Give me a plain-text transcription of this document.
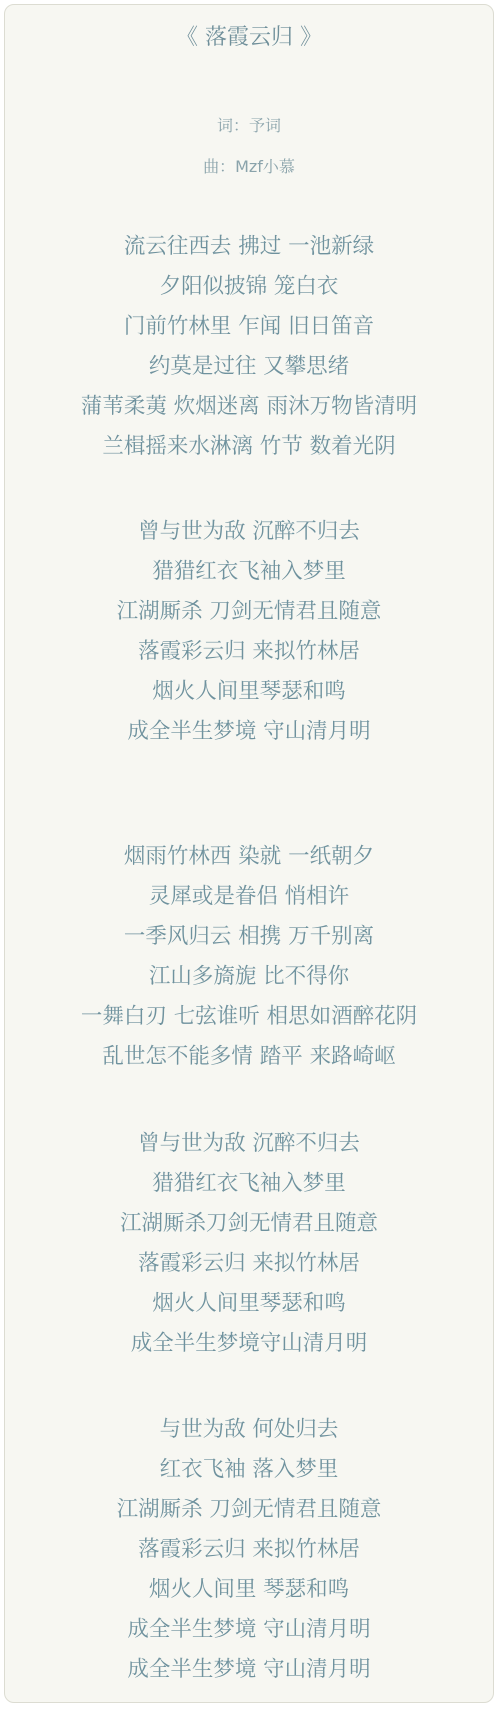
《 落霞云归 》
词：予词
曲：Mzf小慕
流云往西去 拂过 一池新绿
夕阳似披锦 笼白衣
门前竹林里 乍闻 旧日笛音
约莫是过往 又攀思绪
蒲苇柔荑 炊烟迷离 雨沐万物皆清明
兰楫摇来水淋漓 竹节 数着光阴
曾与世为敌 沉醉不归去
猎猎红衣飞袖入梦里
江湖厮杀 刀剑无情君且随意
落霞彩云归 来拟竹林居
烟火人间里琴瑟和鸣
成全半生梦境 守山清月明
烟雨竹林西 染就 一纸朝夕
灵犀或是眷侣 悄相许
一季风归云 相携 万千别离
江山多旖旎 比不得你
一舞白刃 七弦谁听 相思如酒醉花阴
乱世怎不能多情 踏平 来路崎岖
曾与世为敌 沉醉不归去
猎猎红衣飞袖入梦里
江湖厮杀刀剑无情君且随意
落霞彩云归 来拟竹林居
烟火人间里琴瑟和鸣
成全半生梦境守山清月明
与世为敌 何处归去
红衣飞袖 落入梦里
江湖厮杀 刀剑无情君且随意
落霞彩云归 来拟竹林居
烟火人间里 琴瑟和鸣
成全半生梦境 守山清月明
成全半生梦境 守山清月明
